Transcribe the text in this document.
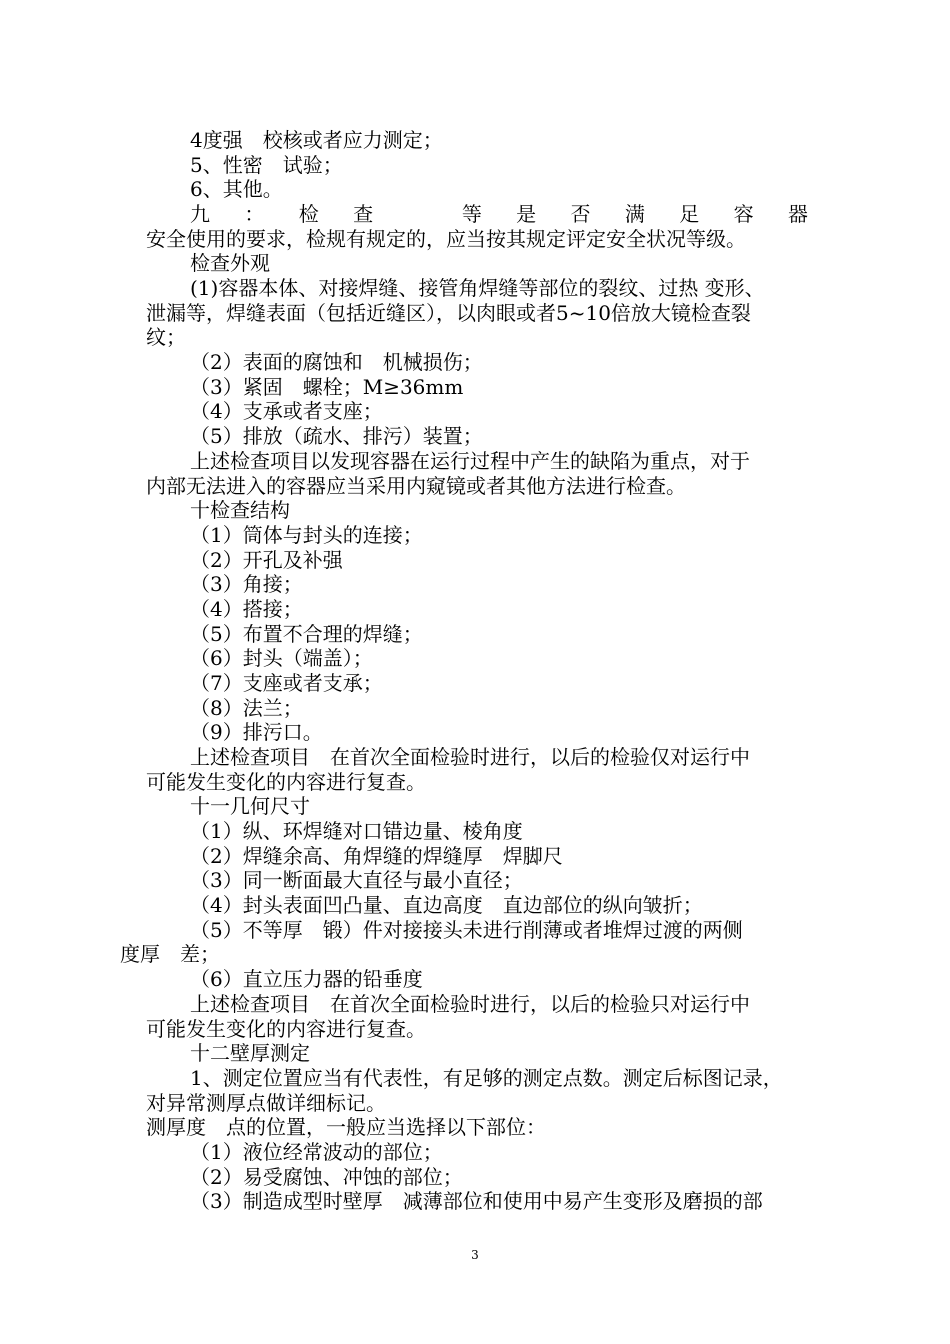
4度强　校核或者应力测定；
5、性密　试验；
6、其他。
九：检查　等是否满足容器
安全使用的要求，检规有规定的，应当按其规定评定安全状况等级。
检查外观
(1)容器本体、对接焊缝、接管角焊缝等部位的裂纹、过热 变形、
泄漏等，焊缝表面（包括近缝区），以肉眼或者5~10倍放大镜检查裂
纹；
（2）表面的腐蚀和　机械损伤；
（3）紧固　螺栓；M≥36mm
（4）支承或者支座；
（5）排放（疏水、排污）装置；
上述检查项目以发现容器在运行过程中产生的缺陷为重点，对于
内部无法进入的容器应当采用内窥镜或者其他方法进行检查。
十检查结构
（1）筒体与封头的连接；
（2）开孔及补强
（3）角接；
（4）搭接；
（5）布置不合理的焊缝；
（6）封头（端盖）；
（7）支座或者支承；
（8）法兰；
（9）排污口。
上述检查项目　在首次全面检验时进行，以后的检验仅对运行中
可能发生变化的内容进行复查。
十一几何尺寸
（1）纵、环焊缝对口错边量、棱角度
（2）焊缝余高、角焊缝的焊缝厚　焊脚尺
（3）同一断面最大直径与最小直径；
（4）封头表面凹凸量、直边高度　直边部位的纵向皱折；
（5）不等厚　锻）件对接接头未进行削薄或者堆焊过渡的两侧
度厚　差；
（6）直立压力器的铅垂度
上述检查项目　在首次全面检验时进行，以后的检验只对运行中
可能发生变化的内容进行复查。
十二壁厚测定
1、测定位置应当有代表性，有足够的测定点数。测定后标图记录，
对异常测厚点做详细标记。
测厚度　点的位置，一般应当选择以下部位：
（1）液位经常波动的部位；
（2）易受腐蚀、冲蚀的部位；
（3）制造成型时壁厚　减薄部位和使用中易产生变形及磨损的部
3
